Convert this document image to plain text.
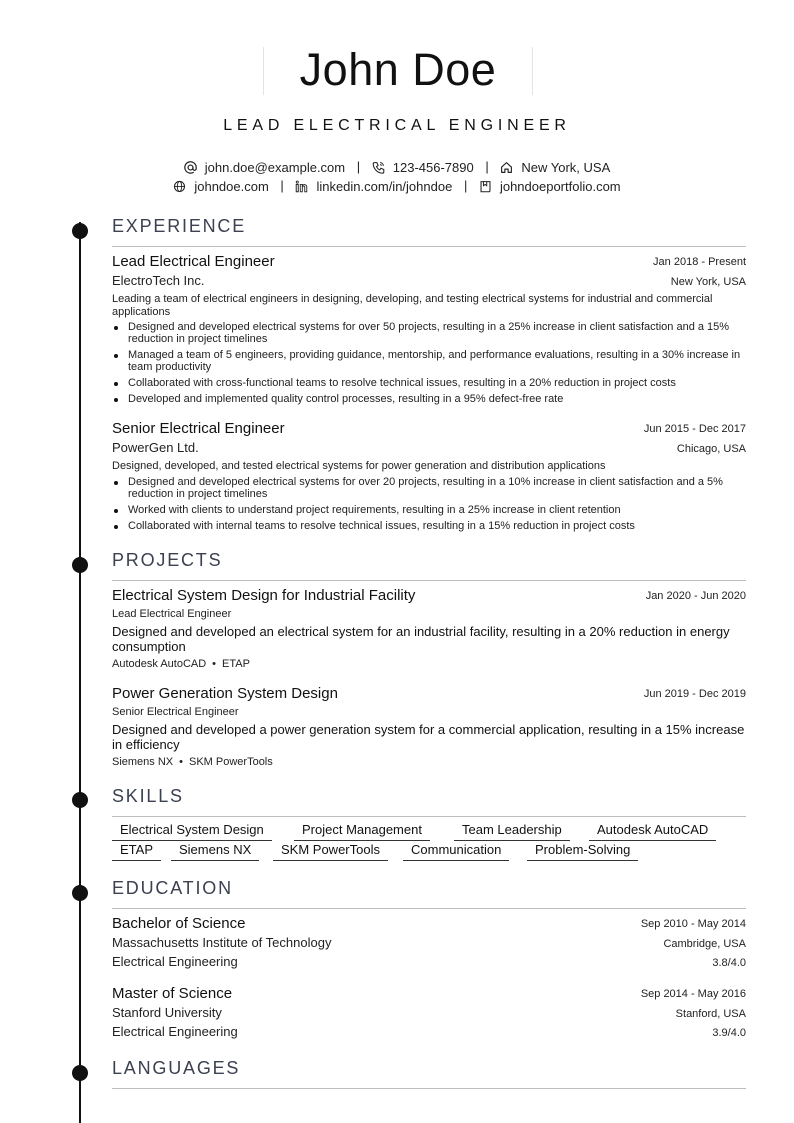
John Doe
LEAD ELECTRICAL ENGINEER
john.doe@example.com |	123-456-7890 |	New York, USA
johndoe.com |	linkedin.com/in/johndoe |	johndoeportfolio.com
EXPERIENCE
Lead Electrical Engineer	Jan 2018 - Present
ElectroTech Inc.	New York, USA
Leading a team of electrical engineers in designing, developing, and testing electrical systems for industrial and commercial applications
Designed and developed electrical systems for over 50 projects, resulting in a 25% increase in client satisfaction and a 15% reduction in project timelines
Managed a team of 5 engineers, providing guidance, mentorship, and performance evaluations, resulting in a 30% increase in team productivity
Collaborated with cross-functional teams to resolve technical issues, resulting in a 20% reduction in project costs
Developed and implemented quality control processes, resulting in a 95% defect-free rate
Senior Electrical Engineer	Jun 2015 - Dec 2017
PowerGen Ltd.	Chicago, USA
Designed, developed, and tested electrical systems for power generation and distribution applications
Designed and developed electrical systems for over 20 projects, resulting in a 10% increase in client satisfaction and a 5% reduction in project timelines
Worked with clients to understand project requirements, resulting in a 25% increase in client retention
Collaborated with internal teams to resolve technical issues, resulting in a 15% reduction in project costs
PROJECTS
Electrical System Design for Industrial Facility	Jan 2020 - Jun 2020
Lead Electrical Engineer
Designed and developed an electrical system for an industrial facility, resulting in a 20% reduction in energy consumption
Autodesk AutoCAD • ETAP
Power Generation System Design	Jun 2019 - Dec 2019
Senior Electrical Engineer
Designed and developed a power generation system for a commercial application, resulting in a 15% increase in efficiency
Siemens NX • SKM PowerTools
SKILLS
Electrical System Design	Project Management	Team Leadership	Autodesk AutoCAD
ETAP	Siemens NX	SKM PowerTools	Communication	Problem-Solving
EDUCATION
Bachelor of Science	Sep 2010 - May 2014
Massachusetts Institute of Technology	Cambridge, USA
Electrical Engineering	3.8/4.0
Master of Science	Sep 2014 - May 2016
Stanford University	Stanford, USA
Electrical Engineering	3.9/4.0
LANGUAGES
